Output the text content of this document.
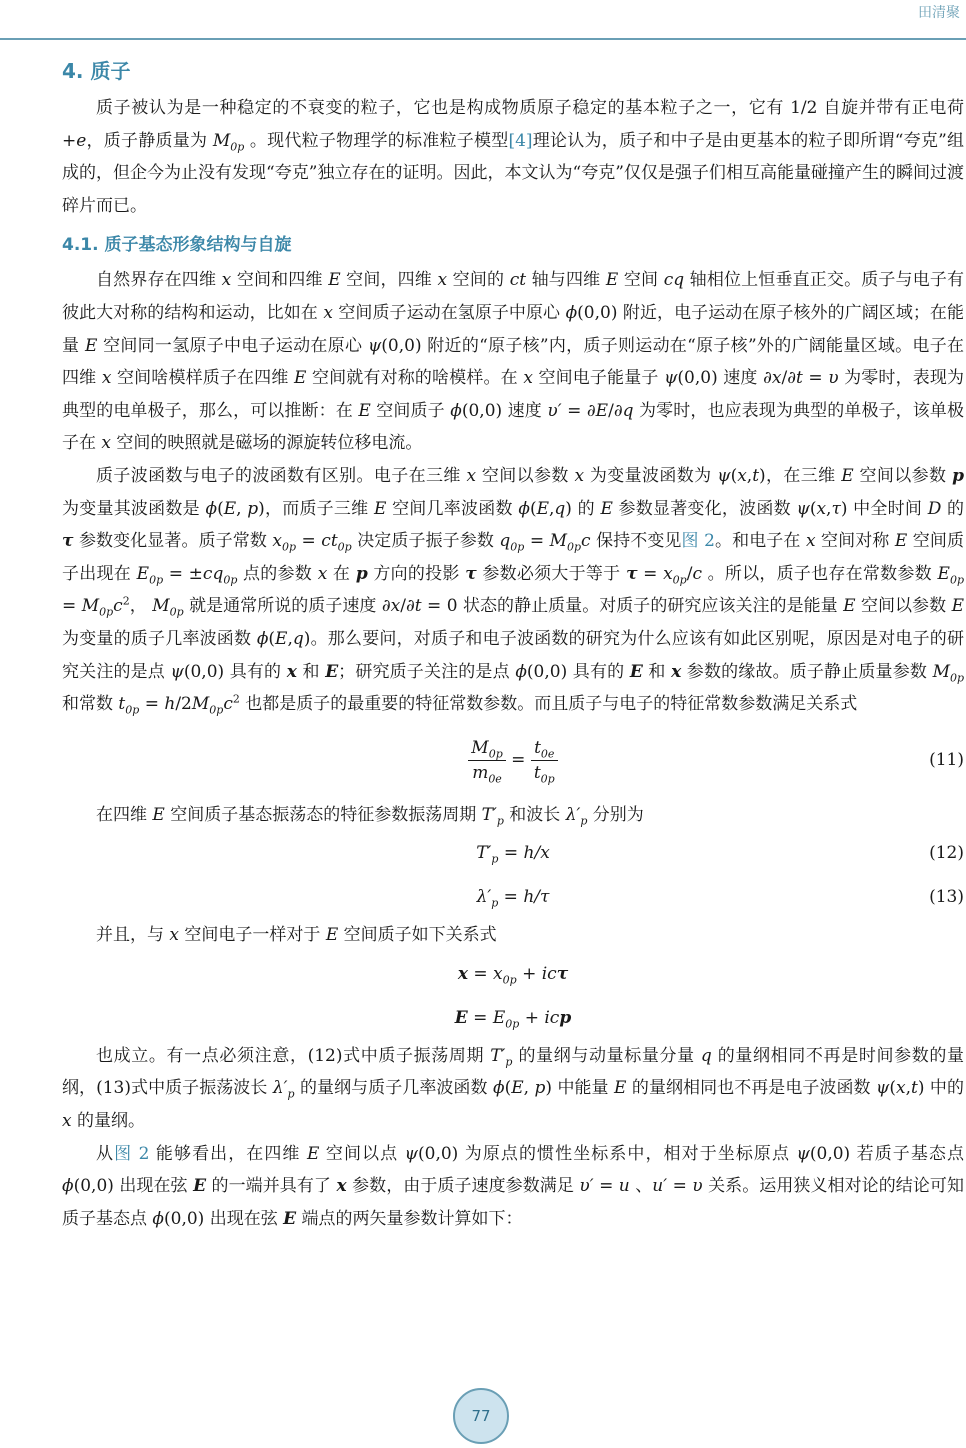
田清聚
4. 质子

质子被认为是一种稳定的不衰变的粒子，它也是构成物质原子稳定的基本粒子之一，它有 1/2 自旋并带有正电荷 +e，质子静质量为 $M_{0p}$ 。现代粒子物理学的标准粒子模型[4]理论认为，质子和中子是由更基本的粒子即所谓“夸克”组成的，但企今为止没有发现“夸克”独立存在的证明。因此，本文认为“夸克”仅仅是强子们相互高能量碰撞产生的瞬间过渡碎片而已。

4.1. 质子基态形象结构与自旋

自然界存在四维 x 空间和四维 E 空间，四维 x 空间的 ct 轴与四维 E 空间 cq 轴相位上恒垂直正交。质子与电子有彼此大对称的结构和运动，比如在 x 空间质子运动在氢原子中原心 ϕ(0,0) 附近，电子运动在原子核外的广阔区域；在能量 E 空间同一氢原子中电子运动在原心 ψ(0,0) 附近的“原子核”内，质子则运动在“原子核”外的广阔能量区域。电子在四维 x 空间啥模样质子在四维 E 空间就有对称的啥模样。在 x 空间电子能量子 ψ(0,0) 速度 ∂x/∂t = υ 为零时，表现为典型的电单极子，那么，可以推断：在 E 空间质子 ϕ(0,0) 速度 υ′ = ∂E/∂q 为零时，也应表现为典型的单极子，该单极子在 x 空间的映照就是磁场的源旋转位移电流。

质子波函数与电子的波函数有区别。电子在三维 x 空间以参数 x 为变量波函数为 ψ(x,t)，在三维 E 空间以参数 p 为变量其波函数是 ϕ(E, p)，而质子三维 E 空间几率波函数 ϕ(E,q) 的 E 参数显著变化，波函数 ψ(x,τ) 中全时间 D 的 τ 参数变化显著。质子常数 $x_{0p} = ct_{0p}$ 决定质子振子参数 $q_{0p} = M_{0p}c$ 保持不变见图 2。和电子在 x 空间对称 E 空间质子出现在 $E_{0p} = \pm cq_{0p}$ 点的参数 x 在 p 方向的投影 τ 参数必须大于等于 $\tau = x_{0p}/c$ 。所以，质子也存在常数参数 $E_{0p} = M_{0p}c^2$， $M_{0p}$ 就是通常所说的质子速度 ∂x/∂t = 0 状态的静止质量。对质子的研究应该关注的是能量 E 空间以参数 E 为变量的质子几率波函数 ϕ(E,q)。那么要问，对质子和电子波函数的研究为什么应该有如此区别呢，原因是对电子的研究关注的是点 ψ(0,0) 具有的 x 和 E；研究质子关注的是点 ϕ(0,0) 具有的 E 和 x 参数的缘故。质子静止质量参数 $M_{0p}$ 和常数 $t_{0p} = h/2M_{0p}c^2$ 也都是质子的最重要的特征常数参数。而且质子与电子的特征常数参数满足关系式

$\frac{M_{0p}}{m_{0e}} = \frac{t_{0e}}{t_{0p}}$	(11)

在四维 E 空间质子基态振荡态的特征参数振荡周期 $T'_p$ 和波长 $\lambda'_p$ 分别为

$T'_p = h/x$	(12)
$\lambda'_p = h/\tau$	(13)

并且，与 x 空间电子一样对于 E 空间质子如下关系式

$x = x_{0p} + ic\tau$
$E = E_{0p}$ + icp

也成立。有一点必须注意，(12)式中质子振荡周期 $T'_p$ 的量纲与动量标量分量 q 的量纲相同不再是时间参数的量纲，(13)式中质子振荡波长 $\lambda'_p$ 的量纲与质子几率波函数 ϕ(E, p) 中能量 E 的量纲相同也不再是电子波函数 ψ(x,t) 中的 x 的量纲。

从图 2 能够看出，在四维 E 空间以点 ψ(0,0) 为原点的惯性坐标系中，相对于坐标原点 ψ(0,0) 若质子基态点 ϕ(0,0) 出现在弦 E 的一端并具有了 x 参数，由于质子速度参数满足 υ′ = u 、u′ = υ 关系。运用狭义相对论的结论可知质子基态点 ϕ(0,0) 出现在弦 E 端点的两矢量参数计算如下：

77
